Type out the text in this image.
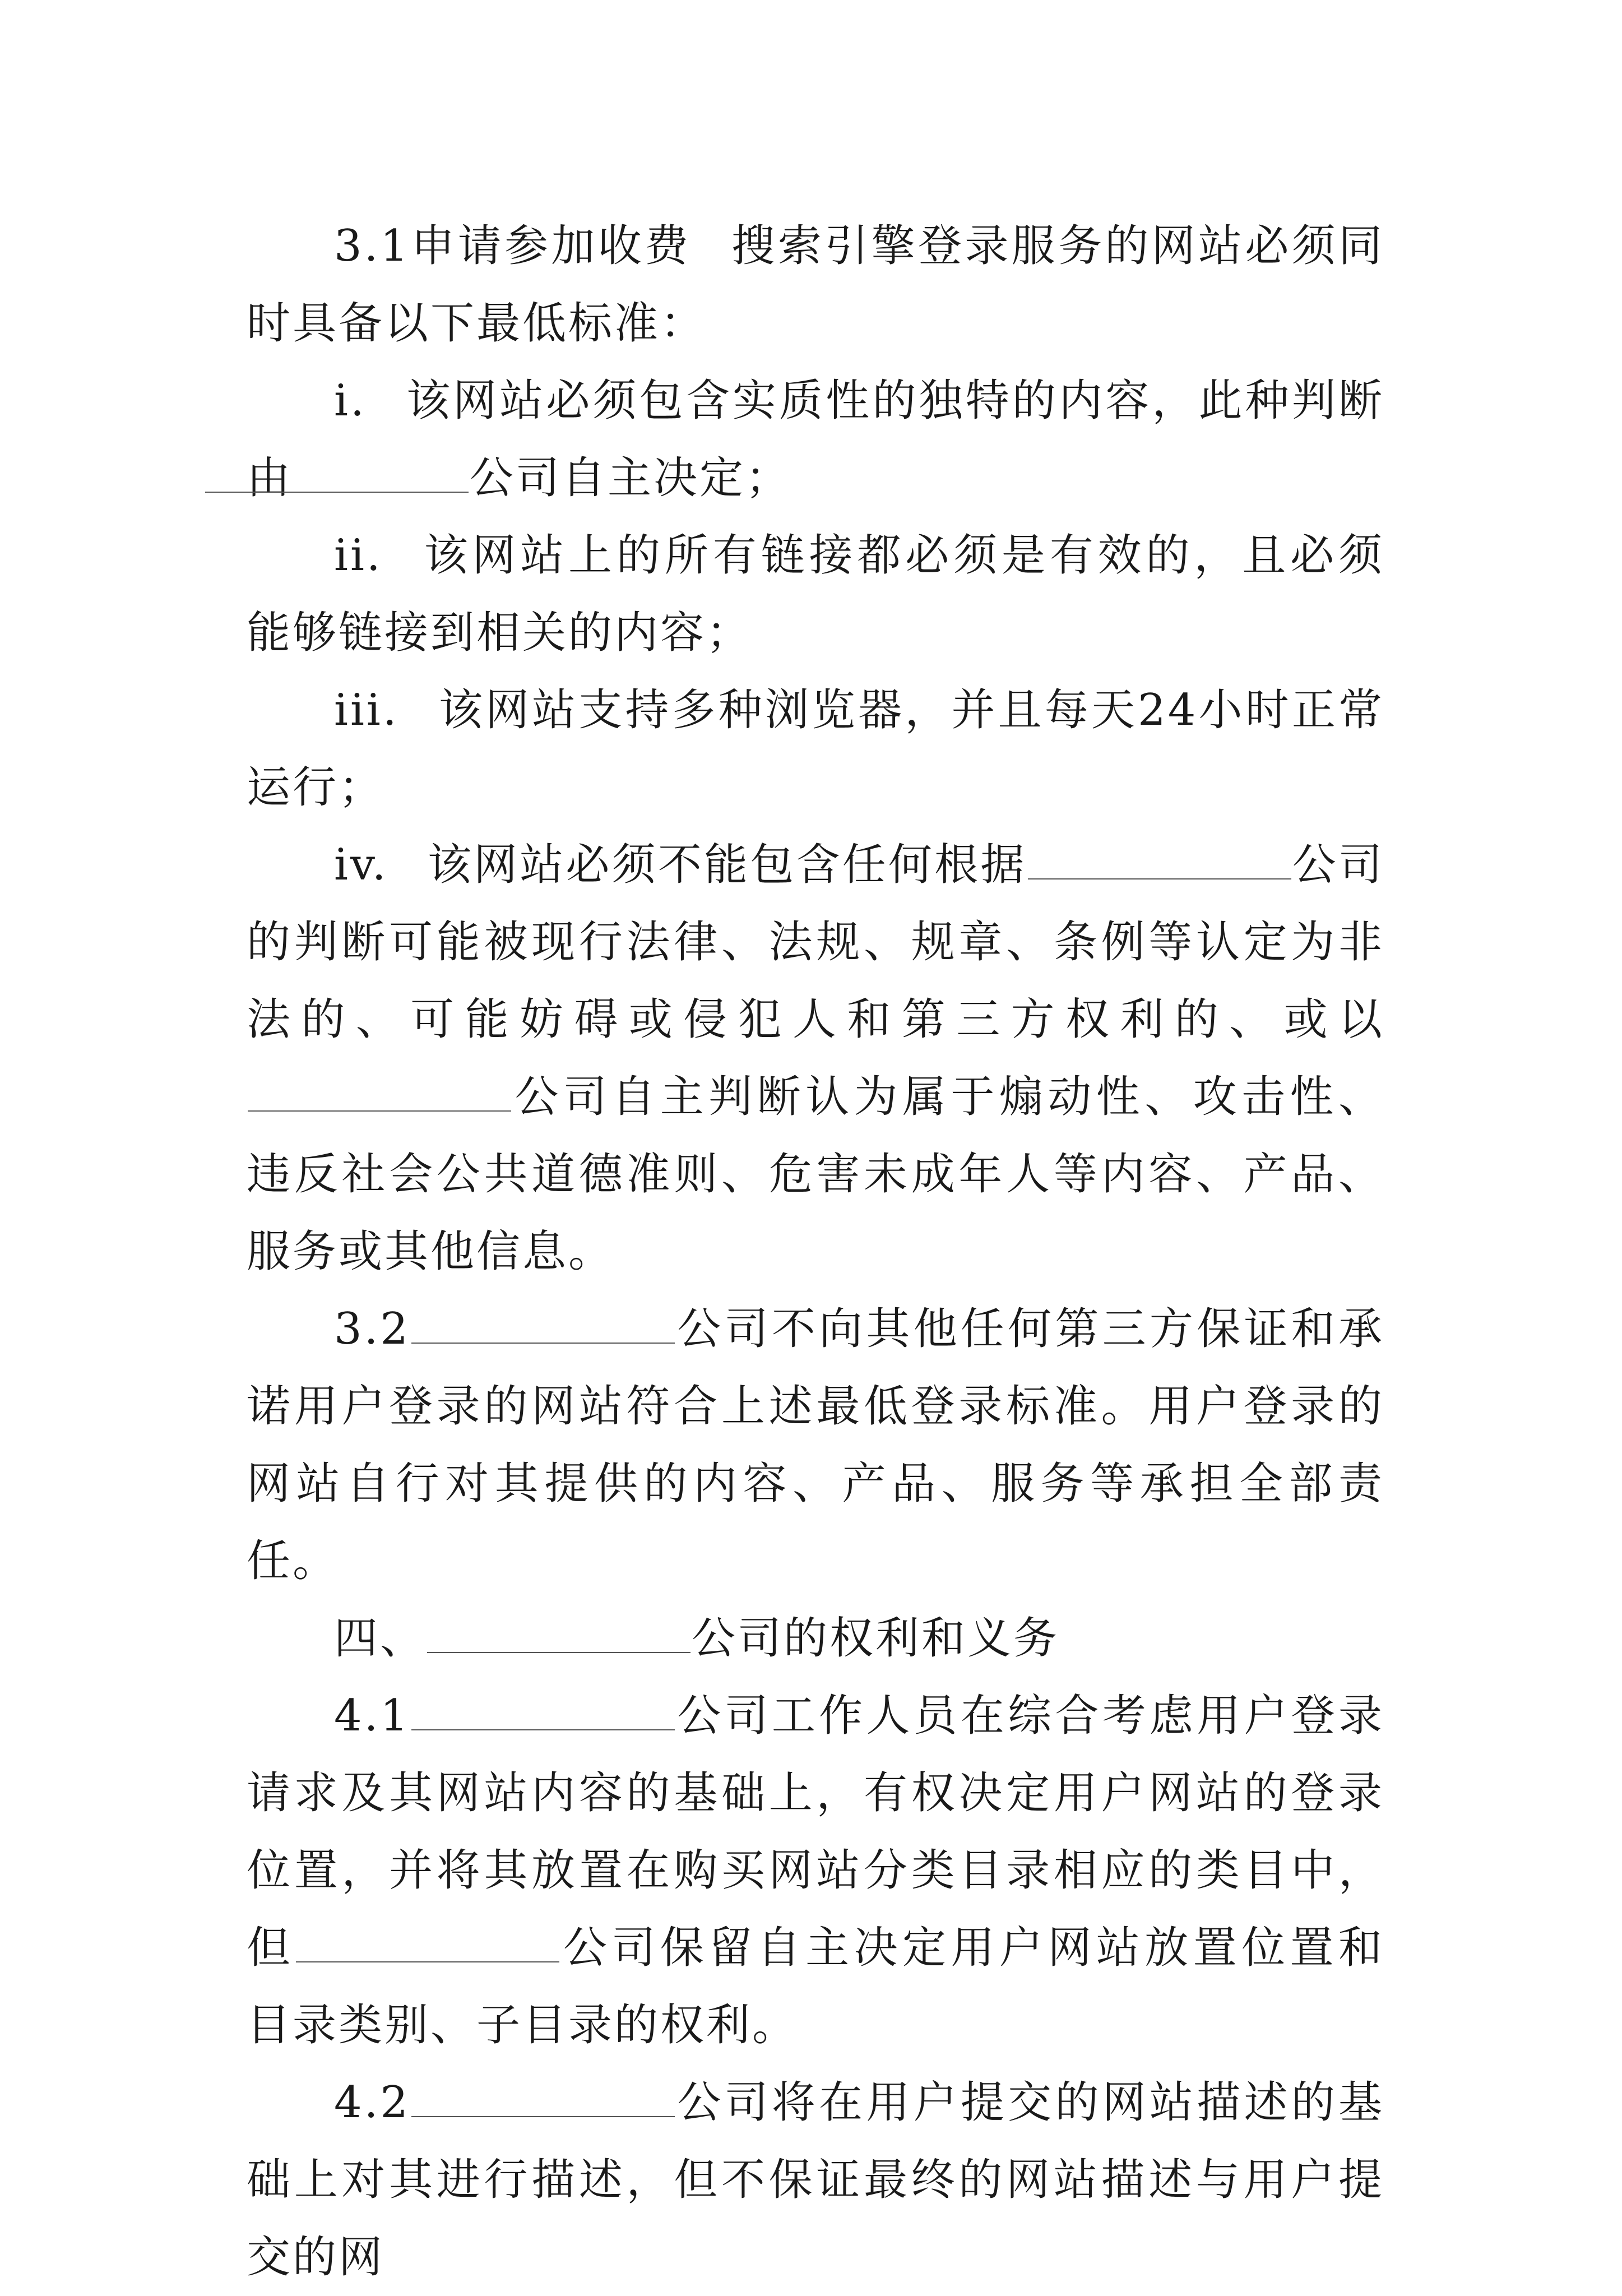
3.1申请参加收费 搜索引擎登录服务的网站必须同时具备以下最低标准：

i. 该网站必须包含实质性的独特的内容，此种判断由	公司自主决定；

ii. 该网站上的所有链接都必须是有效的，且必须能够链接到相关的内容；

iii. 该网站支持多种浏览器，并且每天24小时正常运行；

iv. 该网站必须不能包含任何根据	公司的判断可能被现行法律、法规、规章、条例等认定为非法的、可能妨碍或侵犯人和第三方权利的、或以公司自主判断认为属于煽动性、攻击性、违反社会公共道德准则、危害未成年人等内容、产品、服务或其他信息。

3.2	公司不向其他任何第三方保证和承诺用户登录的网站符合上述最低登录标准。用户登录的网站自行对其提供的内容、产品、服务等承担全部责任。

四、	公司的权利和义务

4.1	公司工作人员在综合考虑用户登录请求及其网站内容的基础上，有权决定用户网站的登录位置，并将其放置在购买网站分类目录相应的类目中，但	公司保留自主决定用户网站放置位置和目录类别、子目录的权利。

4.2	公司将在用户提交的网站描述的基础上对其进行描述，但不保证最终的网站描述与用户提交的网
